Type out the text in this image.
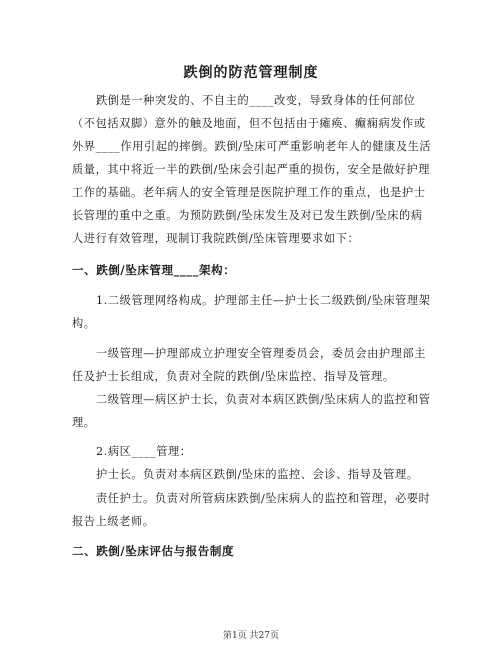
跌倒的防范管理制度
跌倒是一种突发的、不自主的____改变，导致身体的任何部位
（不包括双脚）意外的触及地面，但不包括由于瘫痪、癫痫病发作或
外界____作用引起的摔倒。跌倒/坠床可严重影响老年人的健康及生活
质量，其中将近一半的跌倒/坠床会引起严重的损伤，安全是做好护理
工作的基础。老年病人的安全管理是医院护理工作的重点，也是护士
长管理的重中之重。为预防跌倒/坠床发生及对已发生跌倒/坠床的病
人进行有效管理，现制订我院跌倒/坠床管理要求如下：
一、跌倒/坠床管理____架构：
1.二级管理网络构成。护理部主任—护士长二级跌倒/坠床管理架
构。
一级管理—护理部成立护理安全管理委员会，委员会由护理部主
任及护士长组成，负责对全院的跌倒/坠床监控、指导及管理。
二级管理—病区护士长，负责对本病区跌倒/坠床病人的监控和管
理。
2.病区____管理：
护士长。负责对本病区跌倒/坠床的监控、会诊、指导及管理。
责任护士。负责对所管病床跌倒/坠床病人的监控和管理，必要时
报告上级老师。
二、跌倒/坠床评估与报告制度
第1页 共27页
